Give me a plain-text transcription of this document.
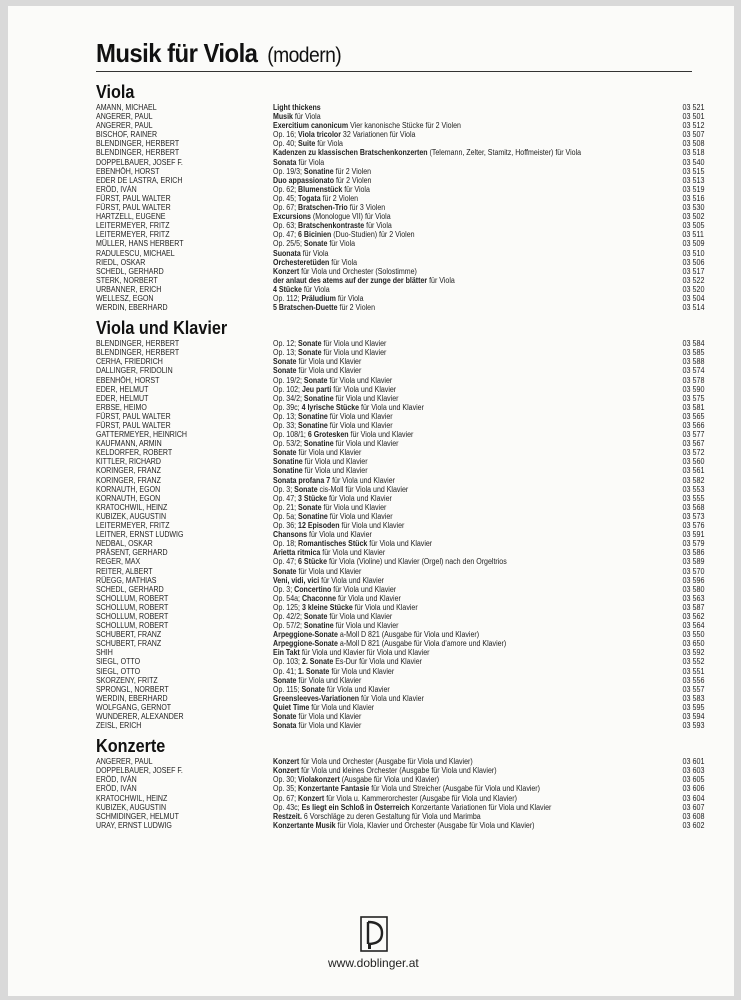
Musik für Viola (modern)
Viola
AMANN, MICHAEL	Light thickens	03 521
ANGERER, PAUL	Musik für Viola	03 501
ANGERER, PAUL	Exercitium canonicum Vier kanonische Stücke für 2 Violen	03 512
BISCHOF, RAINER	Op. 16; Viola tricolor 32 Variationen für Viola	03 507
BLENDINGER, HERBERT	Op. 40; Suite für Viola	03 508
BLENDINGER, HERBERT	Kadenzen zu klassischen Bratschenkonzerten (Telemann, Zelter, Stamitz, Hoffmeister) für Viola	03 518
DOPPELBAUER, JOSEF F.	Sonata für Viola	03 540
EBENHÖH, HORST	Op. 19/3; Sonatine für 2 Violen	03 515
EDER DE LASTRA, ERICH	Duo appassionato für 2 Violen	03 513
ERÖD, IVÁN	Op. 62; Blumenstück für Viola	03 519
FÜRST, PAUL WALTER	Op. 45; Togata für 2 Violen	03 516
FÜRST, PAUL WALTER	Op. 67; Bratschen-Trio für 3 Violen	03 530
HARTZELL, EUGENE	Excursions (Monologue VII) für Viola	03 502
LEITERMEYER, FRITZ	Op. 63; Bratschenkontraste für Viola	03 505
LEITERMEYER, FRITZ	Op. 47; 6 Bicinien (Duo-Studien) für 2 Violen	03 511
MÜLLER, HANS HERBERT	Op. 25/5; Sonate für Viola	03 509
RADULESCU, MICHAEL	Suonata für Viola	03 510
RIEDL, OSKAR	Orchesteretüden für Viola	03 506
SCHEDL, GERHARD	Konzert für Viola und Orchester (Solostimme)	03 517
STERK, NORBERT	der anlaut des atems auf der zunge der blätter für Viola	03 522
URBANNER, ERICH	4 Stücke für Viola	03 520
WELLESZ, EGON	Op. 112; Präludium für Viola	03 504
WERDIN, EBERHARD	5 Bratschen-Duette für 2 Violen	03 514
Viola und Klavier
BLENDINGER, HERBERT	Op. 12; Sonate für Viola und Klavier	03 584
BLENDINGER, HERBERT	Op. 13; Sonate für Viola und Klavier	03 585
CERHA, FRIEDRICH	Sonate für Viola und Klavier	03 588
DALLINGER, FRIDOLIN	Sonate für Viola und Klavier	03 574
EBENHÖH, HORST	Op. 19/2; Sonate für Viola und Klavier	03 578
EDER, HELMUT	Op. 102; Jeu parti für Viola und Klavier	03 590
EDER, HELMUT	Op. 34/2; Sonatine für Viola und Klavier	03 575
ERBSE, HEIMO	Op. 39c; 4 lyrische Stücke für Viola und Klavier	03 581
FÜRST, PAUL WALTER	Op. 13; Sonatine für Viola und Klavier	03 565
FÜRST, PAUL WALTER	Op. 33; Sonatine für Viola und Klavier	03 566
GATTERMEYER, HEINRICH	Op. 108/1; 6 Grotesken für Viola und Klavier	03 577
KAUFMANN, ARMIN	Op. 53/2; Sonatine für Viola und Klavier	03 567
KELDORFER, ROBERT	Sonate für Viola und Klavier	03 572
KITTLER, RICHARD	Sonatine für Viola und Klavier	03 560
KORINGER, FRANZ	Sonatine für Viola und Klavier	03 561
KORINGER, FRANZ	Sonata profana 7 für Viola und Klavier	03 582
KORNAUTH, EGON	Op. 3; Sonate cis-Moll für Viola und Klavier	03 553
KORNAUTH, EGON	Op. 47; 3 Stücke für Viola und Klavier	03 555
KRATOCHWIL, HEINZ	Op. 21; Sonate für Viola und Klavier	03 568
KUBIZEK, AUGUSTIN	Op. 5a; Sonatine für Viola und Klavier	03 573
LEITERMEYER, FRITZ	Op. 36; 12 Episoden für Viola und Klavier	03 576
LEITNER, ERNST LUDWIG	Chansons für Viola und Klavier	03 591
NEDBAL, OSKAR	Op. 18; Romantisches Stück für Viola und Klavier	03 579
PRÄSENT, GERHARD	Arietta ritmica für Viola und Klavier	03 586
REGER, MAX	Op. 47; 6 Stücke für Viola (Violine) und Klavier (Orgel) nach den Orgeltrios	03 589
REITER, ALBERT	Sonate für Viola und Klavier	03 570
RÜEGG, MATHIAS	Veni, vidi, vici für Viola und Klavier	03 596
SCHEDL, GERHARD	Op. 3; Concertino für Viola und Klavier	03 580
SCHOLLUM, ROBERT	Op. 54a; Chaconne für Viola und Klavier	03 563
SCHOLLUM, ROBERT	Op. 125; 3 kleine Stücke für Viola und Klavier	03 587
SCHOLLUM, ROBERT	Op. 42/2; Sonate für Viola und Klavier	03 562
SCHOLLUM, ROBERT	Op. 57/2; Sonatine für Viola und Klavier	03 564
SCHUBERT, FRANZ	Arpeggione-Sonate a-Moll D 821 (Ausgabe für Viola und Klavier)	03 550
SCHUBERT, FRANZ	Arpeggione-Sonate a-Moll D 821 (Ausgabe für Viola d'amore und Klavier)	03 650
SHIH	Ein Takt für Viola und Klavier für Viola und Klavier	03 592
SIEGL, OTTO	Op. 103; 2. Sonate Es-Dur für Viola und Klavier	03 552
SIEGL, OTTO	Op. 41; 1. Sonate für Viola und Klavier	03 551
SKORZENY, FRITZ	Sonate für Viola und Klavier	03 556
SPRONGL, NORBERT	Op. 115; Sonate für Viola und Klavier	03 557
WERDIN, EBERHARD	Greensleeves-Variationen für Viola und Klavier	03 583
WOLFGANG, GERNOT	Quiet Time für Viola und Klavier	03 595
WUNDERER, ALEXANDER	Sonate für Viola und Klavier	03 594
ZEISL, ERICH	Sonata für Viola und Klavier	03 593
Konzerte
ANGERER, PAUL	Konzert für Viola und Orchester (Ausgabe für Viola und Klavier)	03 601
DOPPELBAUER, JOSEF F.	Konzert für Viola und kleines Orchester (Ausgabe für Viola und Klavier)	03 603
ERÖD, IVÁN	Op. 30; Violakonzert (Ausgabe für Viola und Klavier)	03 605
ERÖD, IVÁN	Op. 35; Konzertante Fantasie für Viola und Streicher (Ausgabe für Viola und Klavier)	03 606
KRATOCHWIL, HEINZ	Op. 67; Konzert für Viola u. Kammerorchester (Ausgabe für Viola und Klavier)	03 604
KUBIZEK, AUGUSTIN	Op. 43c; Es liegt ein Schloß in Österreich Konzertante Variationen für Viola und Klavier	03 607
SCHMIDINGER, HELMUT	Restzeit. 6 Vorschläge zu deren Gestaltung für Viola und Marimba	03 608
URAY, ERNST LUDWIG	Konzertante Musik für Viola, Klavier und Orchester (Ausgabe für Viola und Klavier)	03 602
www.doblinger.at
